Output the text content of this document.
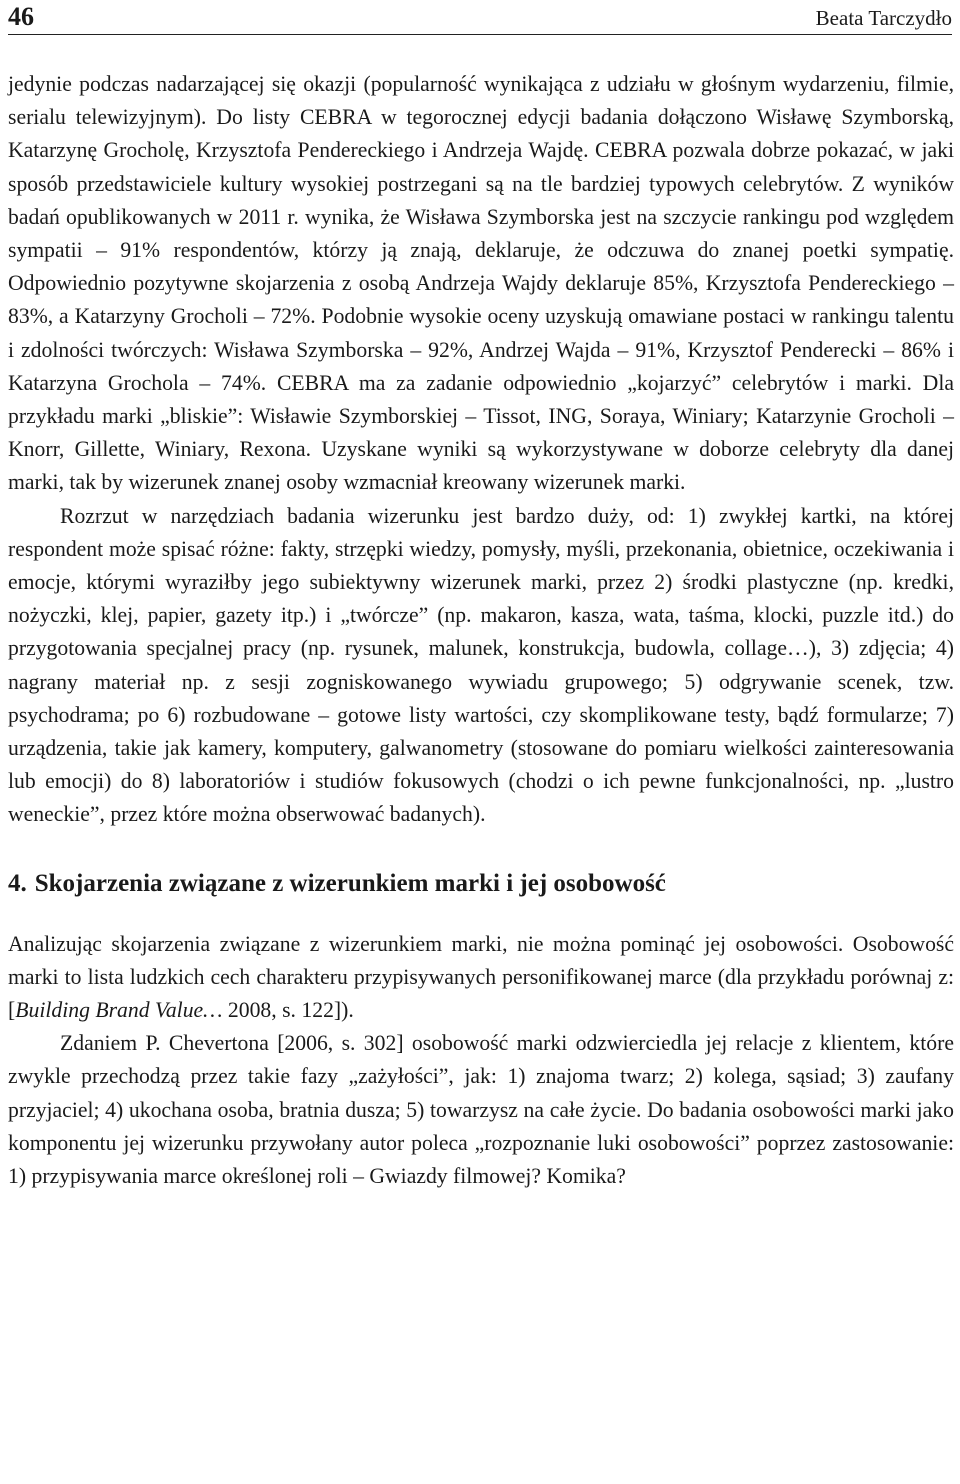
46	Beata Tarczydło

jedynie podczas nadarzającej się okazji (popularność wynikająca z udziału w głośnym wydarzeniu, filmie, serialu telewizyjnym). Do listy CEBRA w tegorocznej edycji badania dołączono Wisławę Szymborską, Katarzynę Grocholę, Krzysztofa Pendereckiego i Andrzeja Wajdę. CEBRA pozwala dobrze pokazać, w jaki sposób przedstawiciele kultury wysokiej postrzegani są na tle bardziej typowych celebrytów. Z wyników badań opublikowanych w 2011 r. wynika, że Wisława Szymborska jest na szczycie rankingu pod względem sympatii – 91% respondentów, którzy ją znają, deklaruje, że odczuwa do znanej poetki sympatię. Odpowiednio pozytywne skojarzenia z osobą Andrzeja Wajdy deklaruje 85%, Krzysztofa Pendereckiego – 83%, a Katarzyny Grocholi – 72%. Podobnie wysokie oceny uzyskują omawiane postaci w rankingu talentu i zdolności twórczych: Wisława Szymborska – 92%, Andrzej Wajda – 91%, Krzysztof Penderecki – 86% i Katarzyna Grochola – 74%. CEBRA ma za zadanie odpowiednio „kojarzyć” celebrytów i marki. Dla przykładu marki „bliskie”: Wisławie Szymborskiej – Tissot, ING, Soraya, Winiary; Katarzynie Grocholi – Knorr, Gillette, Winiary, Rexona. Uzyskane wyniki są wykorzystywane w doborze celebryty dla danej marki, tak by wizerunek znanej osoby wzmacniał kreowany wizerunek marki.

Rozrzut w narzędziach badania wizerunku jest bardzo duży, od: 1) zwykłej kartki, na której respondent może spisać różne: fakty, strzępki wiedzy, pomysły, myśli, przekonania, obietnice, oczekiwania i emocje, którymi wyraziłby jego subiektywny wizerunek marki, przez 2) środki plastyczne (np. kredki, nożyczki, klej, papier, gazety itp.) i „twórcze” (np. makaron, kasza, wata, taśma, klocki, puzzle itd.) do przygotowania specjalnej pracy (np. rysunek, malunek, konstrukcja, budowla, collage…), 3) zdjęcia; 4) nagrany materiał np. z sesji zogniskowanego wywiadu grupowego; 5) odgrywanie scenek, tzw. psychodrama; po 6) rozbudowane – gotowe listy wartości, czy skomplikowane testy, bądź formularze; 7) urządzenia, takie jak kamery, komputery, galwanometry (stosowane do pomiaru wielkości zainteresowania lub emocji) do 8) laboratoriów i studiów fokusowych (chodzi o ich pewne funkcjonalności, np. „lustro weneckie”, przez które można obserwować badanych).

4. Skojarzenia związane z wizerunkiem marki i jej osobowość

Analizując skojarzenia związane z wizerunkiem marki, nie można pominąć jej osobowości. Osobowość marki to lista ludzkich cech charakteru przypisywanych personifikowanej marce (dla przykładu porównaj z: [Building Brand Value… 2008, s. 122]).

Zdaniem P. Chevertona [2006, s. 302] osobowość marki odzwierciedla jej relacje z klientem, które zwykle przechodzą przez takie fazy „zażyłości”, jak: 1) znajoma twarz; 2) kolega, sąsiad; 3) zaufany przyjaciel; 4) ukochana osoba, bratnia dusza; 5) towarzysz na całe życie. Do badania osobowości marki jako komponentu jej wizerunku przywołany autor poleca „rozpoznanie luki osobowości” poprzez zastosowanie: 1) przypisywania marce określonej roli – Gwiazdy filmowej? Komika?
